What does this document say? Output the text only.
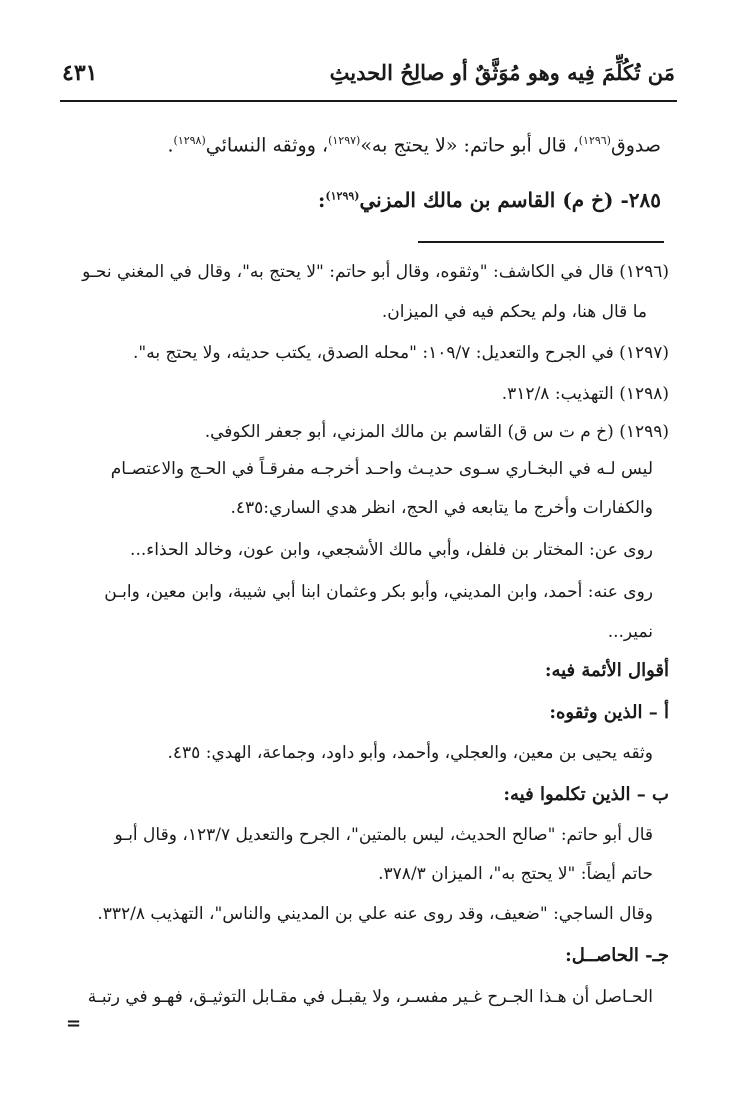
مَن تُكُلِّمَ فِيه وهو مُوَثَّقٌ أو صالِحُ الحديثِ
٤٣١
صدوق$^{(١٢٩٦)}$، قال أبو حاتم: «لا يحتج به»$^{(١٢٩٧)}$، ووثقه النسائي$^{(١٢٩٨)}$.
٢٨٥- (خ م) القاسم بن مالك المزني$^{(١٢٩٩)}$:
(١٢٩٦) قال في الكاشف: "وثقوه، وقال أبو حاتم: "لا يحتج به"، وقال في المغني نحـو
ما قال هنا، ولم يحكم فيه في الميزان.
(١٢٩٧) في الجرح والتعديل: ١٠٩/٧: "محله الصدق، يكتب حديثه، ولا يحتج به".
(١٢٩٨) التهذيب: ٣١٢/٨.
(١٢٩٩) (خ م ت س ق) القاسم بن مالك المزني، أبو جعفر الكوفي.
ليس لـه في البخـاري سـوى حديـث واحـد أخرجـه مفرقـاً في الحـج والاعتصـام
والكفارات وأخرج ما يتابعه في الحج، انظر هدي الساري:٤٣٥.
روى عن: المختار بن فلفل، وأبي مالك الأشجعي، وابن عون، وخالد الحذاء...
روى عنه: أحمد، وابن المديني، وأبو بكر وعثمان ابنا أبي شيبة، وابن معين، وابـن
نمير...
أقوال الأئمة فيه:
أ – الذين وثقوه:
وثقه يحيى بن معين، والعجلي، وأحمد، وأبو داود، وجماعة، الهدي: ٤٣٥.
ب – الذين تكلموا فيه:
قال أبو حاتم: "صالح الحديث، ليس بالمتين"، الجرح والتعديل ١٢٣/٧، وقال أبـو
حاتم أيضاً: "لا يحتج به"، الميزان ٣٧٨/٣.
وقال الساجي: "ضعيف، وقد روى عنه علي بن المديني والناس"، التهذيب ٣٣٢/٨.
جـ- الحاصــل:
الحـاصل أن هـذا الجـرح غـير مفسـر، ولا يقبـل في مقـابل التوثيـق، فهـو في رتبـة
=
